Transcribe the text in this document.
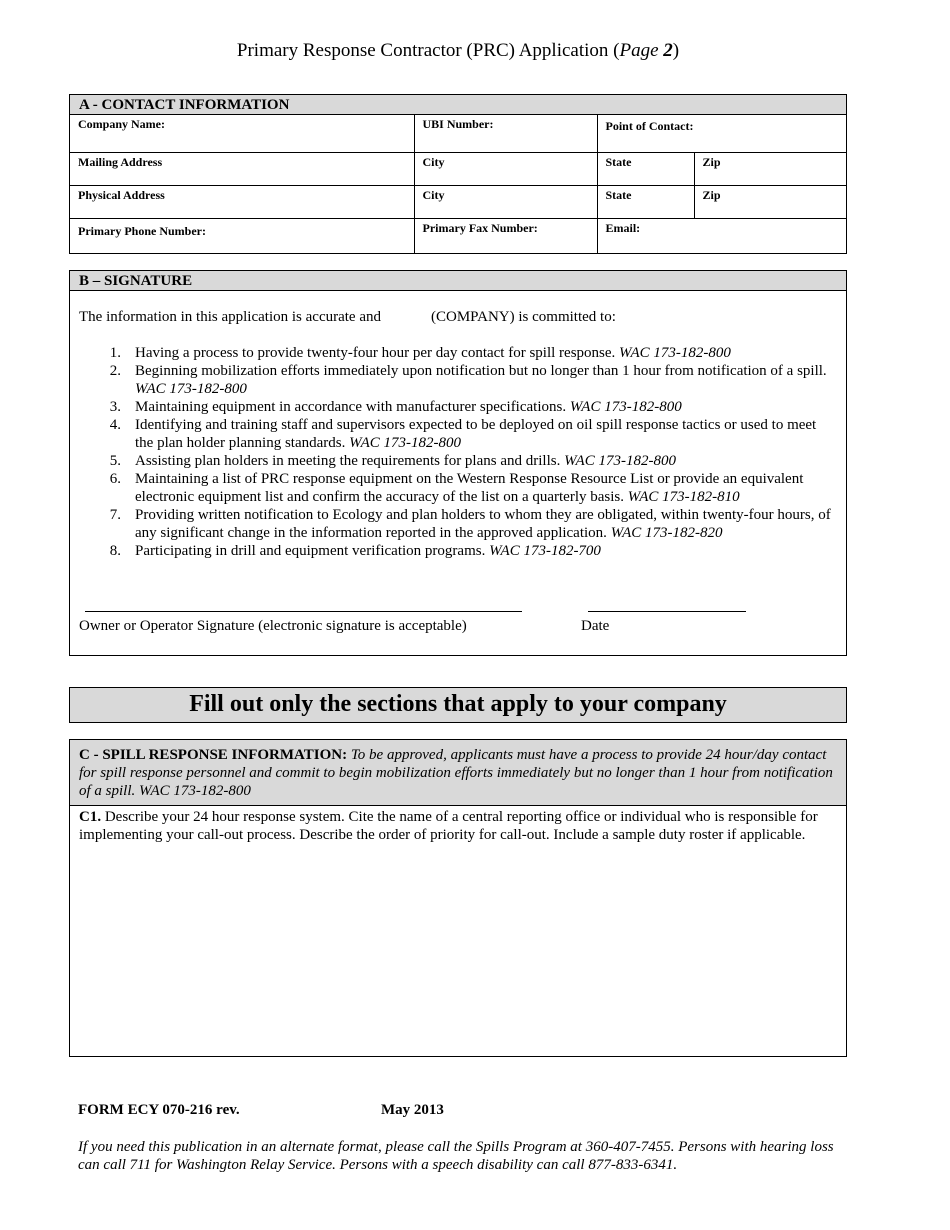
Primary Response Contractor (PRC) Application (Page 2)
A - CONTACT INFORMATION
Company Name:	UBI Number:	Point of Contact:	
Mailing Address	City	State	Zip
Physical Address	City	State	Zip
Primary Phone Number:	Primary Fax Number:	Email:	
B – SIGNATURE
The information in this application is accurate and	(COMPANY) is committed to:
1. Having a process to provide twenty-four hour per day contact for spill response. WAC 173-182-800
2. Beginning mobilization efforts immediately upon notification but no longer than 1 hour from notification of a spill. WAC 173-182-800
3. Maintaining equipment in accordance with manufacturer specifications. WAC 173-182-800
4. Identifying and training staff and supervisors expected to be deployed on oil spill response tactics or used to meet the plan holder planning standards. WAC 173-182-800
5. Assisting plan holders in meeting the requirements for plans and drills. WAC 173-182-800
6. Maintaining a list of PRC response equipment on the Western Response Resource List or provide an equivalent electronic equipment list and confirm the accuracy of the list on a quarterly basis. WAC 173-182-810
7. Providing written notification to Ecology and plan holders to whom they are obligated, within twenty-four hours, of any significant change in the information reported in the approved application. WAC 173-182-820
8. Participating in drill and equipment verification programs. WAC 173-182-700
Owner or Operator Signature (electronic signature is acceptable)	Date
Fill out only the sections that apply to your company
C - SPILL RESPONSE INFORMATION: To be approved, applicants must have a process to provide 24 hour/day contact for spill response personnel and commit to begin mobilization efforts immediately but no longer than 1 hour from notification of a spill. WAC 173-182-800
C1. Describe your 24 hour response system. Cite the name of a central reporting office or individual who is responsible for implementing your call-out process. Describe the order of priority for call-out. Include a sample duty roster if applicable.
FORM ECY 070-216 rev.	May 2013
If you need this publication in an alternate format, please call the Spills Program at 360-407-7455. Persons with hearing loss can call 711 for Washington Relay Service. Persons with a speech disability can call 877-833-6341.
